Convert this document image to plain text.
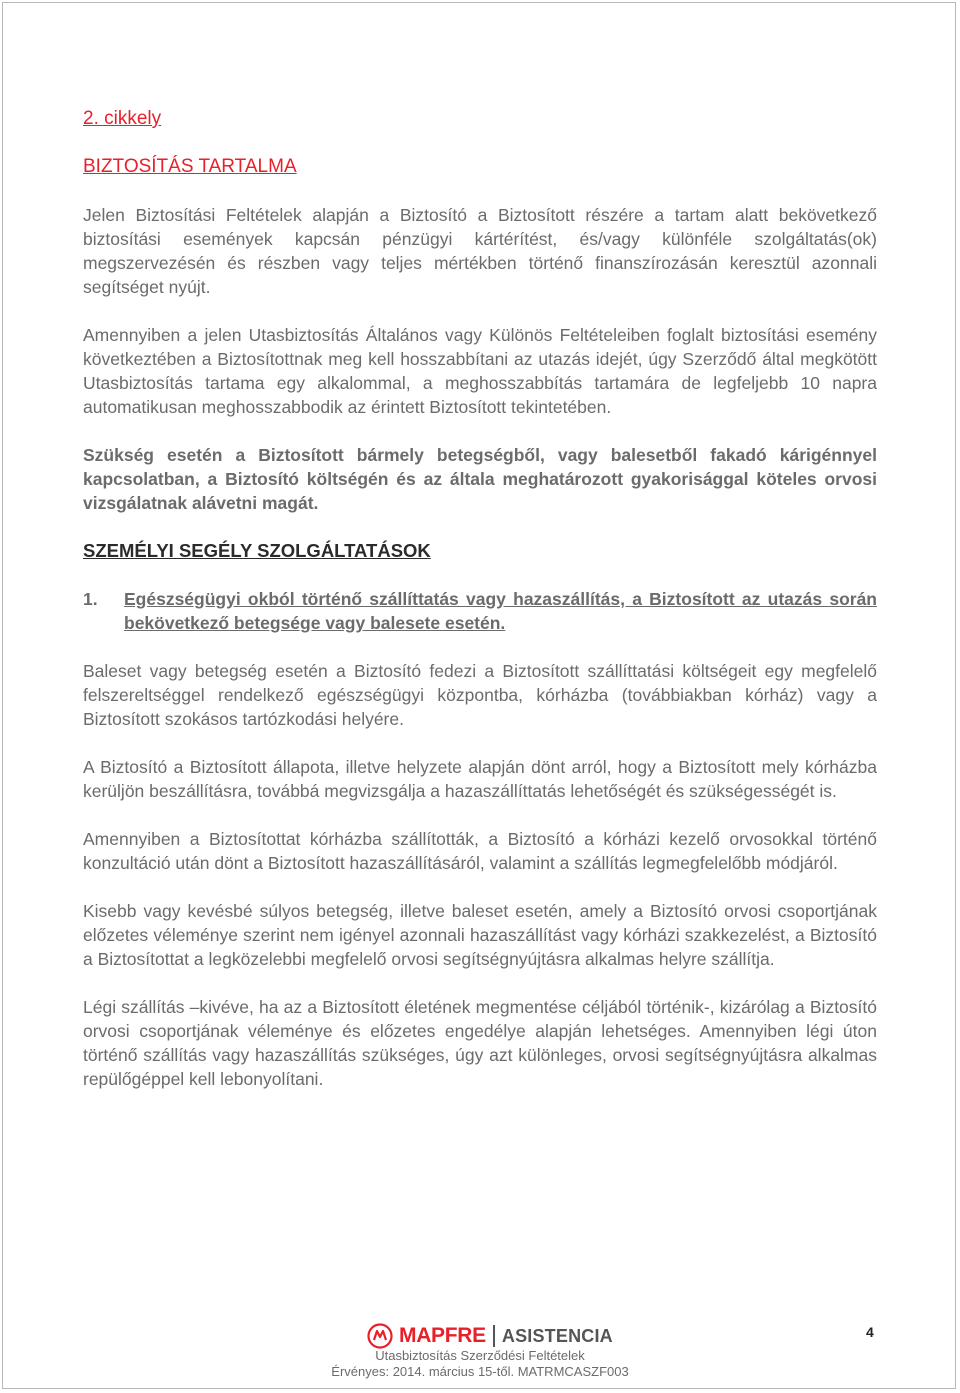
2. cikkely

BIZTOSÍTÁS TARTALMA

Jelen Biztosítási Feltételek alapján a Biztosító a Biztosított részére a tartam alatt bekövetkező biztosítási események kapcsán pénzügyi kártérítést, és/vagy különféle szolgáltatás(ok) megszervezésén és részben vagy teljes mértékben történő finanszírozásán keresztül azonnali segítséget nyújt.

Amennyiben a jelen Utasbiztosítás Általános vagy Különös Feltételeiben foglalt biztosítási esemény következtében a Biztosítottnak meg kell hosszabbítani az utazás idejét, úgy Szerződő által megkötött Utasbiztosítás tartama egy alkalommal, a meghosszabbítás tartamára de legfeljebb 10 napra automatikusan meghosszabbodik az érintett Biztosított tekintetében.

Szükség esetén a Biztosított bármely betegségből, vagy balesetből fakadó kárigénnyel kapcsolatban, a Biztosító költségén és az általa meghatározott gyakorisággal köteles orvosi vizsgálatnak alávetni magát.

SZEMÉLYI SEGÉLY SZOLGÁLTATÁSOK

1.	Egészségügyi okból történő szállíttatás vagy hazaszállítás, a Biztosított az utazás során bekövetkező betegsége vagy balesete esetén.

Baleset vagy betegség esetén a Biztosító fedezi a Biztosított szállíttatási költségeit egy megfelelő felszereltséggel rendelkező egészségügyi központba, kórházba (továbbiakban kórház) vagy a Biztosított szokásos tartózkodási helyére.

A Biztosító a Biztosított állapota, illetve helyzete alapján dönt arról, hogy a Biztosított mely kórházba kerüljön beszállításra, továbbá megvizsgálja a hazaszállíttatás lehetőségét és szükségességét is.

Amennyiben a Biztosítottat kórházba szállították, a Biztosító a kórházi kezelő orvosokkal történő konzultáció után dönt a Biztosított hazaszállításáról, valamint a szállítás legmegfelelőbb módjáról.

Kisebb vagy kevésbé súlyos betegség, illetve baleset esetén, amely a Biztosító orvosi csoportjának előzetes véleménye szerint nem igényel azonnali hazaszállítást vagy kórházi szakkezelést, a Biztosító a Biztosítottat a legközelebbi megfelelő orvosi segítségnyújtásra alkalmas helyre szállítja.

Légi szállítás –kivéve, ha az a Biztosított életének megmentése céljából történik-, kizárólag a Biztosító orvosi csoportjának véleménye és előzetes engedélye alapján lehetséges. Amennyiben légi úton történő szállítás vagy hazaszállítás szükséges, úgy azt különleges, orvosi segítségnyújtásra alkalmas repülőgéppel kell lebonyolítani.

MAPFRE ASISTENCIA	4
Utasbiztosítás Szerződési Feltételek
Érvényes: 2014. március 15-től. MATRMCASZF003
